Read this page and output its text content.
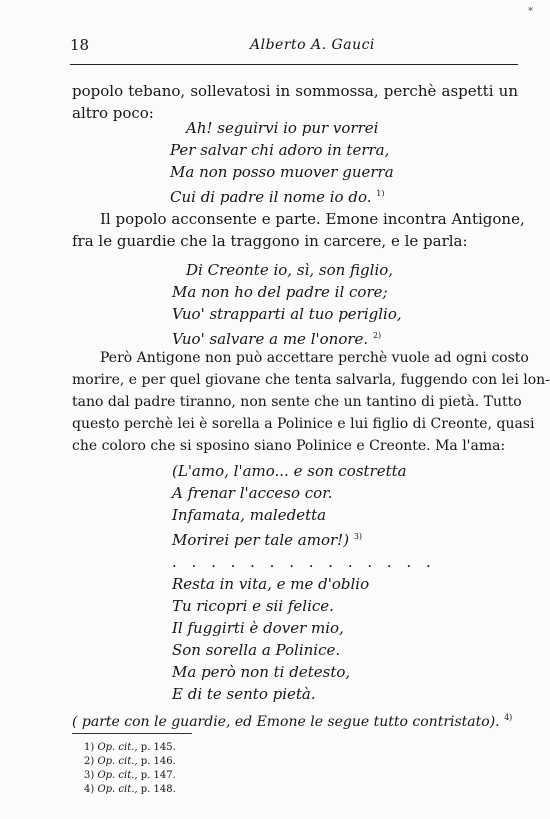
*
18	Alberto A. Gauci

popolo tebano, sollevatosi in sommossa, perchè aspetti un
altro poco:

Ah! seguirvi io pur vorrei
Per salvar chi adoro in terra,
Ma non posso muover guerra
Cui di padre il nome io do. $^{1)}$

Il popolo acconsente e parte. Emone incontra Antigone,
fra le guardie che la traggono in carcere, e le parla:

Di Creonte io, sì, son figlio,
Ma non ho del padre il core;
Vuo' strapparti al tuo periglio,
Vuo' salvare a me l'onore. $^{2)}$

Però Antigone non può accettare perchè vuole ad ogni costo
morire, e per quel giovane che tenta salvarla, fuggendo con lei lon-
tano dal padre tiranno, non sente che un tantino di pietà. Tutto
questo perchè lei è sorella a Polinice e lui figlio di Creonte, quasi
che coloro che si sposino siano Polinice e Creonte. Ma l'ama:

(L'amo, l'amo... e son costretta
A frenar l'acceso cor.
Infamata, maledetta
Morirei per tale amor!) $^{3)}$
. . . . . . . . . . . . . .
Resta in vita, e me d'oblio
Tu ricopri e sii felice.
Il fuggirti è dover mio,
Son sorella a Polinice.
Ma però non ti detesto,
E di te sento pietà.
( parte con le guardie, ed Emone le segue tutto contristato). $^{4)}$
1) Op. cit., p. 145.
2) Op. cit., p. 146.
3) Op. cit., p. 147.
4) Op. cit., p. 148.
